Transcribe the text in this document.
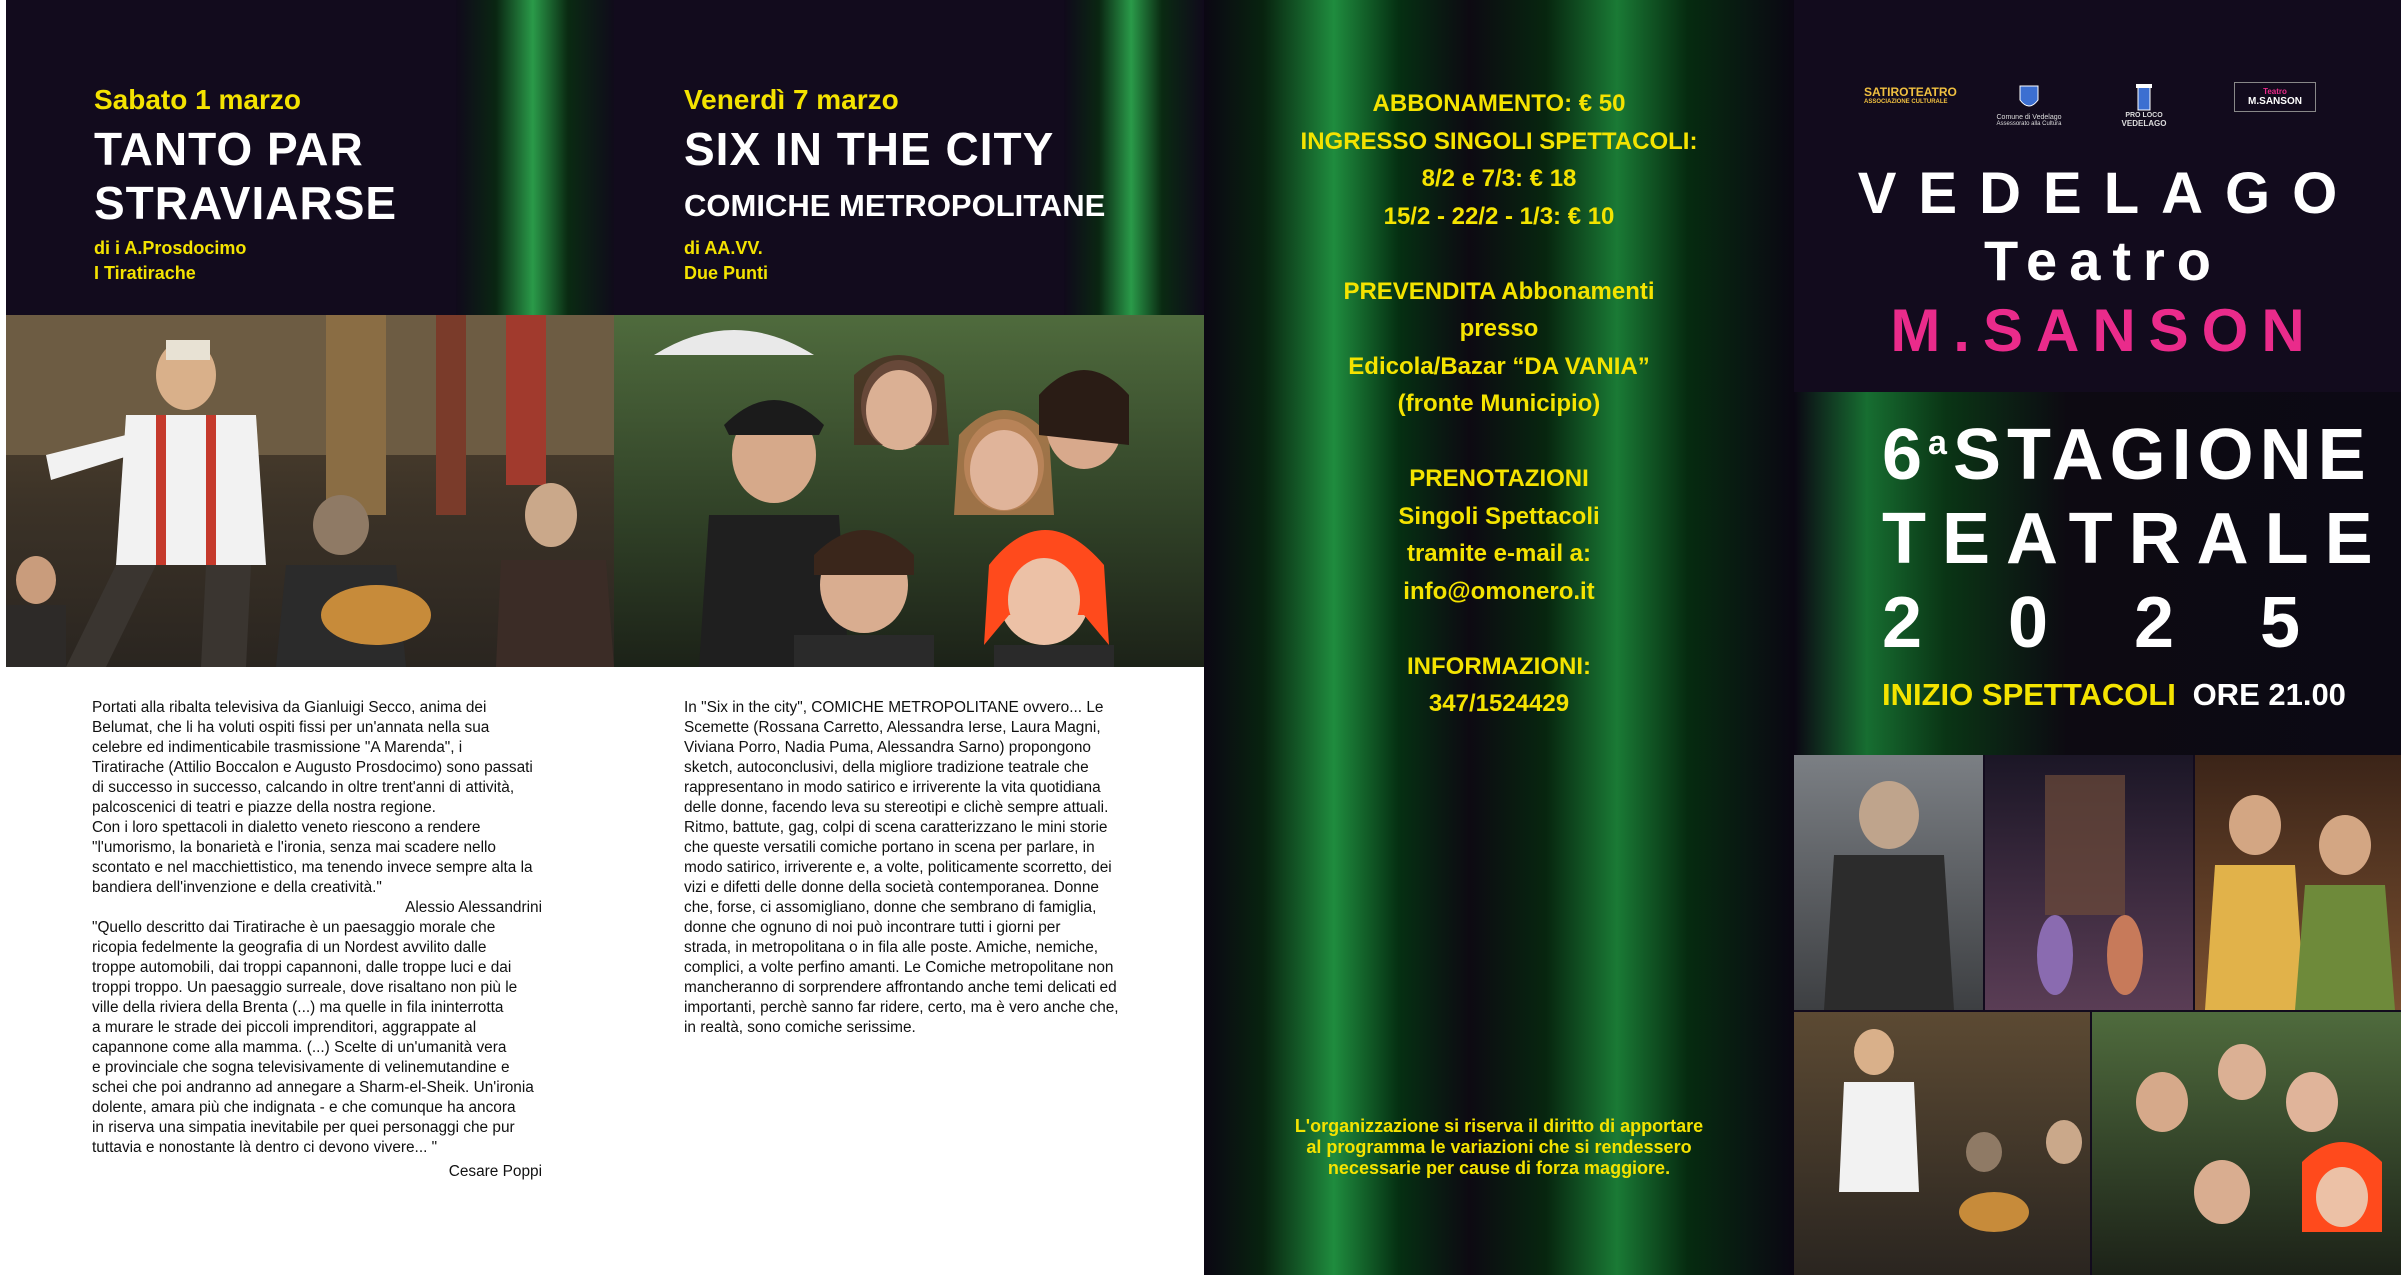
Sabato 1 marzo
TANTO PAR
STRAVIARSE
di i A.Prosdocimo
I Tiratirache

Portati alla ribalta televisiva da Gianluigi Secco, anima dei
Belumat, che li ha voluti ospiti fissi per un'annata nella sua
celebre ed indimenticabile trasmissione "A Marenda", i
Tiratirache (Attilio Boccalon e Augusto Prosdocimo) sono passati
di successo in successo, calcando in oltre trent'anni di attività,
palcoscenici di teatri e piazze della nostra regione.
Con i loro spettacoli in dialetto veneto riescono a rendere
"l'umorismo, la bonarietà e l'ironia, senza mai scadere nello
scontato e nel macchiettistico, ma tenendo invece sempre alta la
bandiera dell'invenzione e della creatività."

Alessio Alessandrini

"Quello descritto dai Tiratirache è un paesaggio morale che
ricopia fedelmente la geografia di un Nordest avvilito dalle
troppe automobili, dai troppi capannoni, dalle troppe luci e dai
troppi troppo. Un paesaggio surreale, dove risaltano non più le
ville della riviera della Brenta (...) ma quelle in fila ininterrotta
a murare le strade dei piccoli imprenditori, aggrappate al
capannone come alla mamma. (...) Scelte di un'umanità vera
e provinciale che sogna televisivamente di velinemutandine e
schei che poi andranno ad annegare a Sharm-el-Sheik. Un'ironia
dolente, amara più che indignata - e che comunque ha ancora
in riserva una simpatia inevitabile per quei personaggi che pur
tuttavia e nonostante là dentro ci devono vivere... "

Cesare Poppi

Venerdì 7 marzo
SIX IN THE CITY
COMICHE METROPOLITANE
di AA.VV.
Due Punti

In "Six in the city", COMICHE METROPOLITANE ovvero... Le
Scemette (Rossana Carretto, Alessandra Ierse, Laura Magni,
Viviana Porro, Nadia Puma, Alessandra Sarno) propongono
sketch, autoconclusivi, della migliore tradizione teatrale che
rappresentano in modo satirico e irriverente la vita quotidiana
delle donne, facendo leva su stereotipi e clichè sempre attuali.
Ritmo, battute, gag, colpi di scena caratterizzano le mini storie
che queste versatili comiche portano in scena per parlare, in
modo satirico, irriverente e, a volte, politicamente scorretto, dei
vizi e difetti delle donne della società contemporanea. Donne
che, forse, ci assomigliano, donne che sembrano di famiglia,
donne che ognuno di noi può incontrare tutti i giorni per
strada, in metropolitana o in fila alle poste. Amiche, nemiche,
complici, a volte perfino amanti. Le Comiche metropolitane non
mancheranno di sorprendere affrontando anche temi delicati ed
importanti, perchè sanno far ridere, certo, ma è vero anche che,
in realtà, sono comiche serissime.

ABBONAMENTO: € 50
INGRESSO SINGOLI SPETTACOLI:
8/2 e 7/3: € 18
15/2 - 22/2 - 1/3: € 10
PREVENDITA Abbonamenti
presso
Edicola/Bazar “DA VANIA”
(fronte Municipio)
PRENOTAZIONI
Singoli Spettacoli
tramite e-mail a:
info@omonero.it
INFORMAZIONI:
347/1524429
L'organizzazione si riserva il diritto di apportare
al programma le variazioni che si rendessero
necessarie per cause di forza maggiore.
SATIROTEATRO
ASSOCIAZIONE CULTURALE
Comune di Vedelago
Assessorato alla Cultura
PRO LOCO
VEDELAGO
Teatro
M.SANSON
VEDELAGO
Teatro
M.SANSON
6$^a$STAGIONE
TEATRALE
2 0 2 5
INIZIO SPETTACOLI ORE 21.00
